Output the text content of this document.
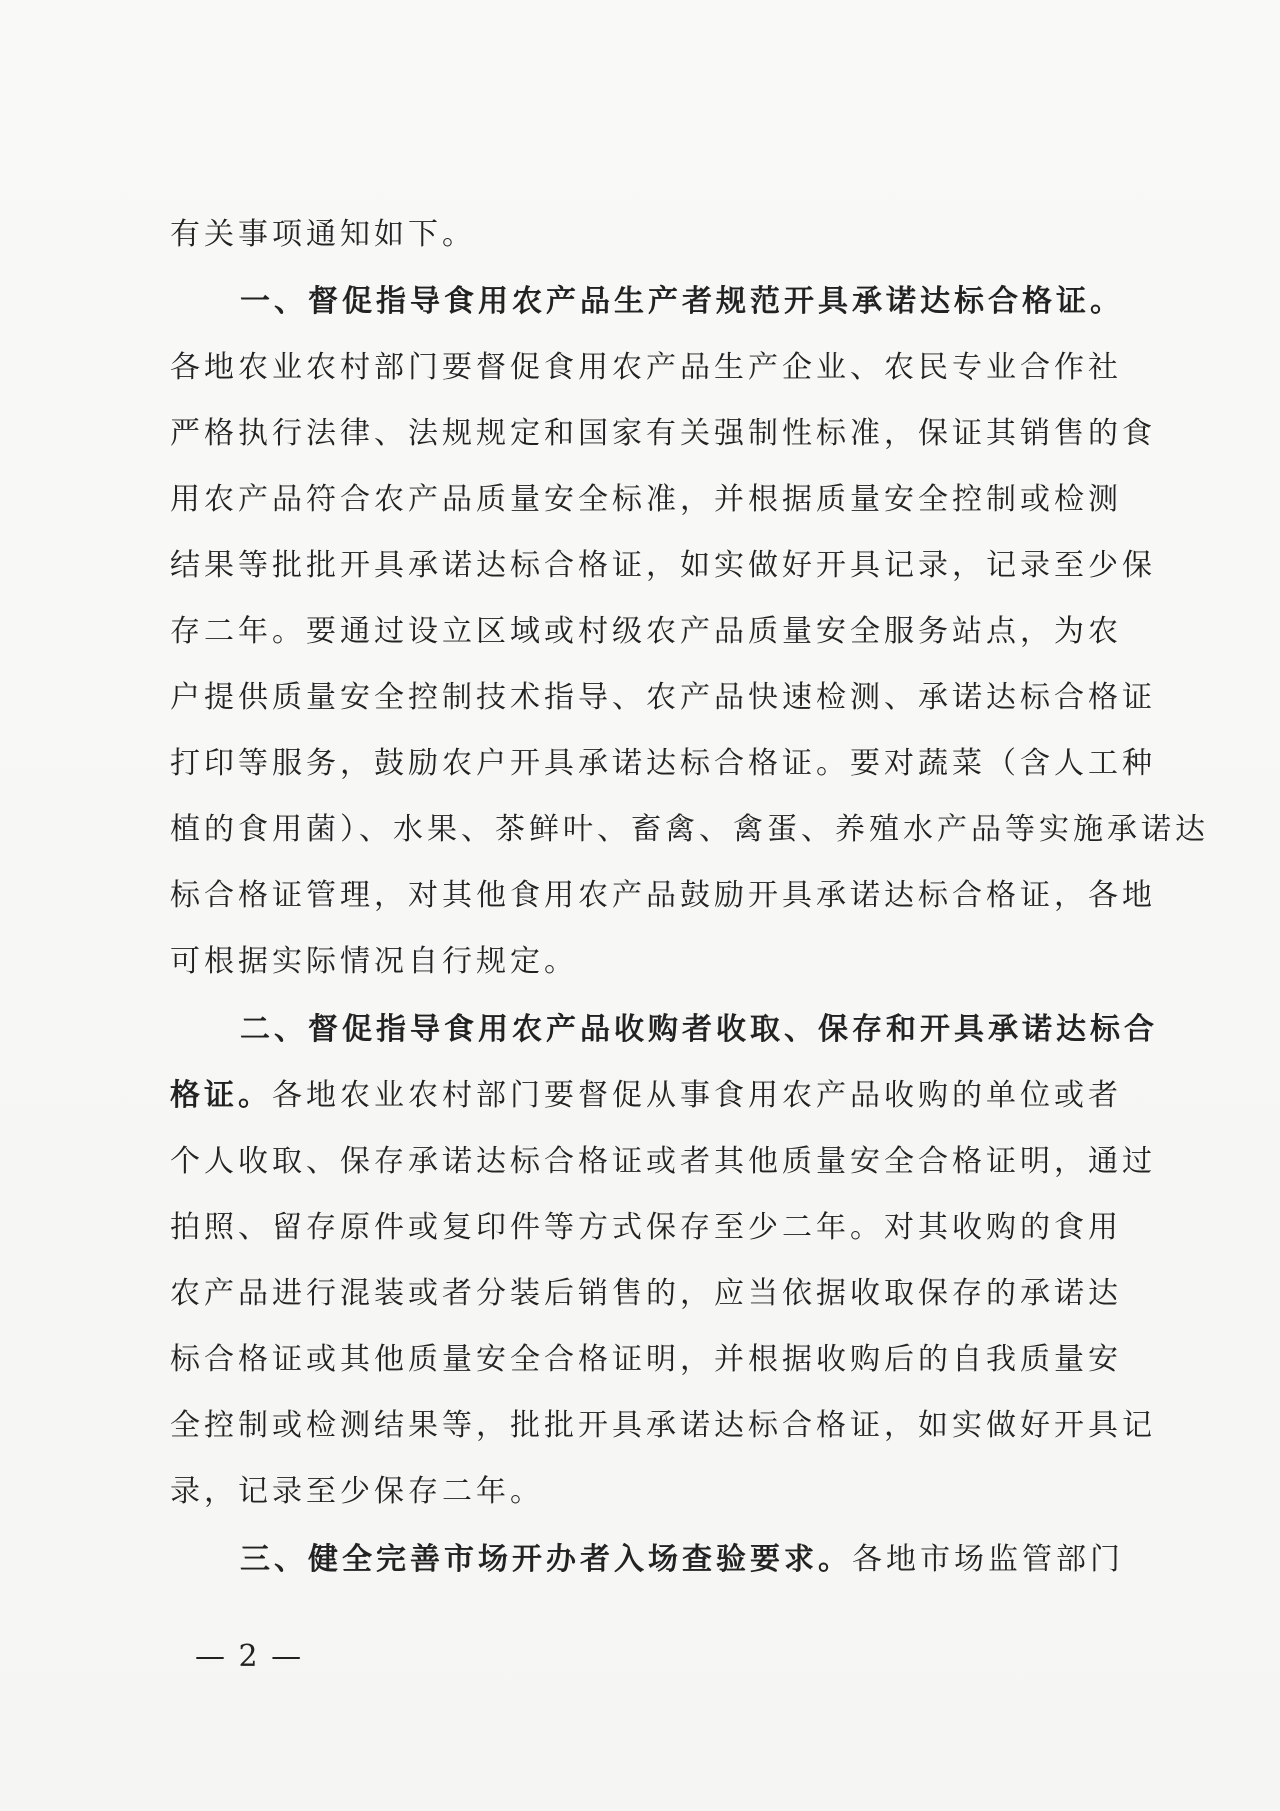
有关事项通知如下。
一、督促指导食用农产品生产者规范开具承诺达标合格证。
各地农业农村部门要督促食用农产品生产企业、农民专业合作社
严格执行法律、法规规定和国家有关强制性标准，保证其销售的食
用农产品符合农产品质量安全标准，并根据质量安全控制或检测
结果等批批开具承诺达标合格证，如实做好开具记录，记录至少保
存二年。要通过设立区域或村级农产品质量安全服务站点，为农
户提供质量安全控制技术指导、农产品快速检测、承诺达标合格证
打印等服务，鼓励农户开具承诺达标合格证。要对蔬菜（含人工种
植的食用菌）、水果、茶鲜叶、畜禽、禽蛋、养殖水产品等实施承诺达
标合格证管理，对其他食用农产品鼓励开具承诺达标合格证，各地
可根据实际情况自行规定。
二、督促指导食用农产品收购者收取、保存和开具承诺达标合
格证。各地农业农村部门要督促从事食用农产品收购的单位或者
个人收取、保存承诺达标合格证或者其他质量安全合格证明，通过
拍照、留存原件或复印件等方式保存至少二年。对其收购的食用
农产品进行混装或者分装后销售的，应当依据收取保存的承诺达
标合格证或其他质量安全合格证明，并根据收购后的自我质量安
全控制或检测结果等，批批开具承诺达标合格证，如实做好开具记
录，记录至少保存二年。
三、健全完善市场开办者入场查验要求。各地市场监管部门
— 2 —
